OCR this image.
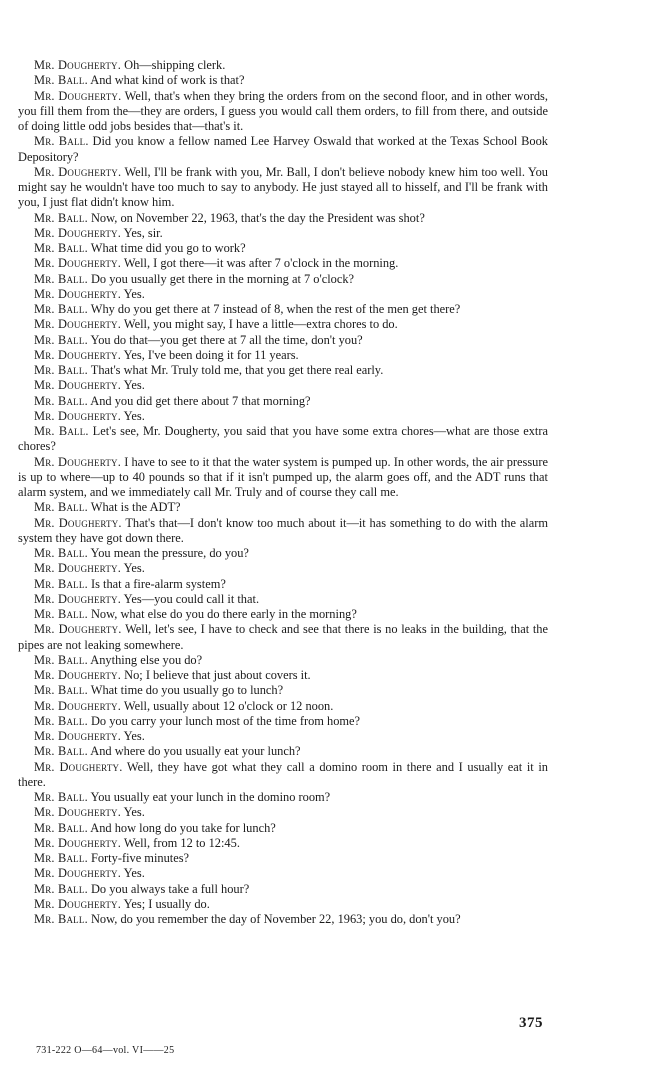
Mr. Dougherty. Oh—shipping clerk.

Mr. Ball. And what kind of work is that?

Mr. Dougherty. Well, that's when they bring the orders from on the second floor, and in other words, you fill them from the—they are orders, I guess you would call them orders, to fill from there, and outside of doing little odd jobs besides that—that's it.

Mr. Ball. Did you know a fellow named Lee Harvey Oswald that worked at the Texas School Book Depository?

Mr. Dougherty. Well, I'll be frank with you, Mr. Ball, I don't believe nobody knew him too well. You might say he wouldn't have too much to say to anybody. He just stayed all to hisself, and I'll be frank with you, I just flat didn't know him.

Mr. Ball. Now, on November 22, 1963, that's the day the President was shot?

Mr. Dougherty. Yes, sir.

Mr. Ball. What time did you go to work?

Mr. Dougherty. Well, I got there—it was after 7 o'clock in the morning.

Mr. Ball. Do you usually get there in the morning at 7 o'clock?

Mr. Dougherty. Yes.

Mr. Ball. Why do you get there at 7 instead of 8, when the rest of the men get there?

Mr. Dougherty. Well, you might say, I have a little—extra chores to do.

Mr. Ball. You do that—you get there at 7 all the time, don't you?

Mr. Dougherty. Yes, I've been doing it for 11 years.

Mr. Ball. That's what Mr. Truly told me, that you get there real early.

Mr. Dougherty. Yes.

Mr. Ball. And you did get there about 7 that morning?

Mr. Dougherty. Yes.

Mr. Ball. Let's see, Mr. Dougherty, you said that you have some extra chores—what are those extra chores?

Mr. Dougherty. I have to see to it that the water system is pumped up. In other words, the air pressure is up to where—up to 40 pounds so that if it isn't pumped up, the alarm goes off, and the ADT runs that alarm system, and we immediately call Mr. Truly and of course they call me.

Mr. Ball. What is the ADT?

Mr. Dougherty. That's that—I don't know too much about it—it has something to do with the alarm system they have got down there.

Mr. Ball. You mean the pressure, do you?

Mr. Dougherty. Yes.

Mr. Ball. Is that a fire-alarm system?

Mr. Dougherty. Yes—you could call it that.

Mr. Ball. Now, what else do you do there early in the morning?

Mr. Dougherty. Well, let's see, I have to check and see that there is no leaks in the building, that the pipes are not leaking somewhere.

Mr. Ball. Anything else you do?

Mr. Dougherty. No; I believe that just about covers it.

Mr. Ball. What time do you usually go to lunch?

Mr. Dougherty. Well, usually about 12 o'clock or 12 noon.

Mr. Ball. Do you carry your lunch most of the time from home?

Mr. Dougherty. Yes.

Mr. Ball. And where do you usually eat your lunch?

Mr. Dougherty. Well, they have got what they call a domino room in there and I usually eat it in there.

Mr. Ball. You usually eat your lunch in the domino room?

Mr. Dougherty. Yes.

Mr. Ball. And how long do you take for lunch?

Mr. Dougherty. Well, from 12 to 12:45.

Mr. Ball. Forty-five minutes?

Mr. Dougherty. Yes.

Mr. Ball. Do you always take a full hour?

Mr. Dougherty. Yes; I usually do.

Mr. Ball. Now, do you remember the day of November 22, 1963; you do, don't you?

375
731-222 O—64—vol. VI——25
